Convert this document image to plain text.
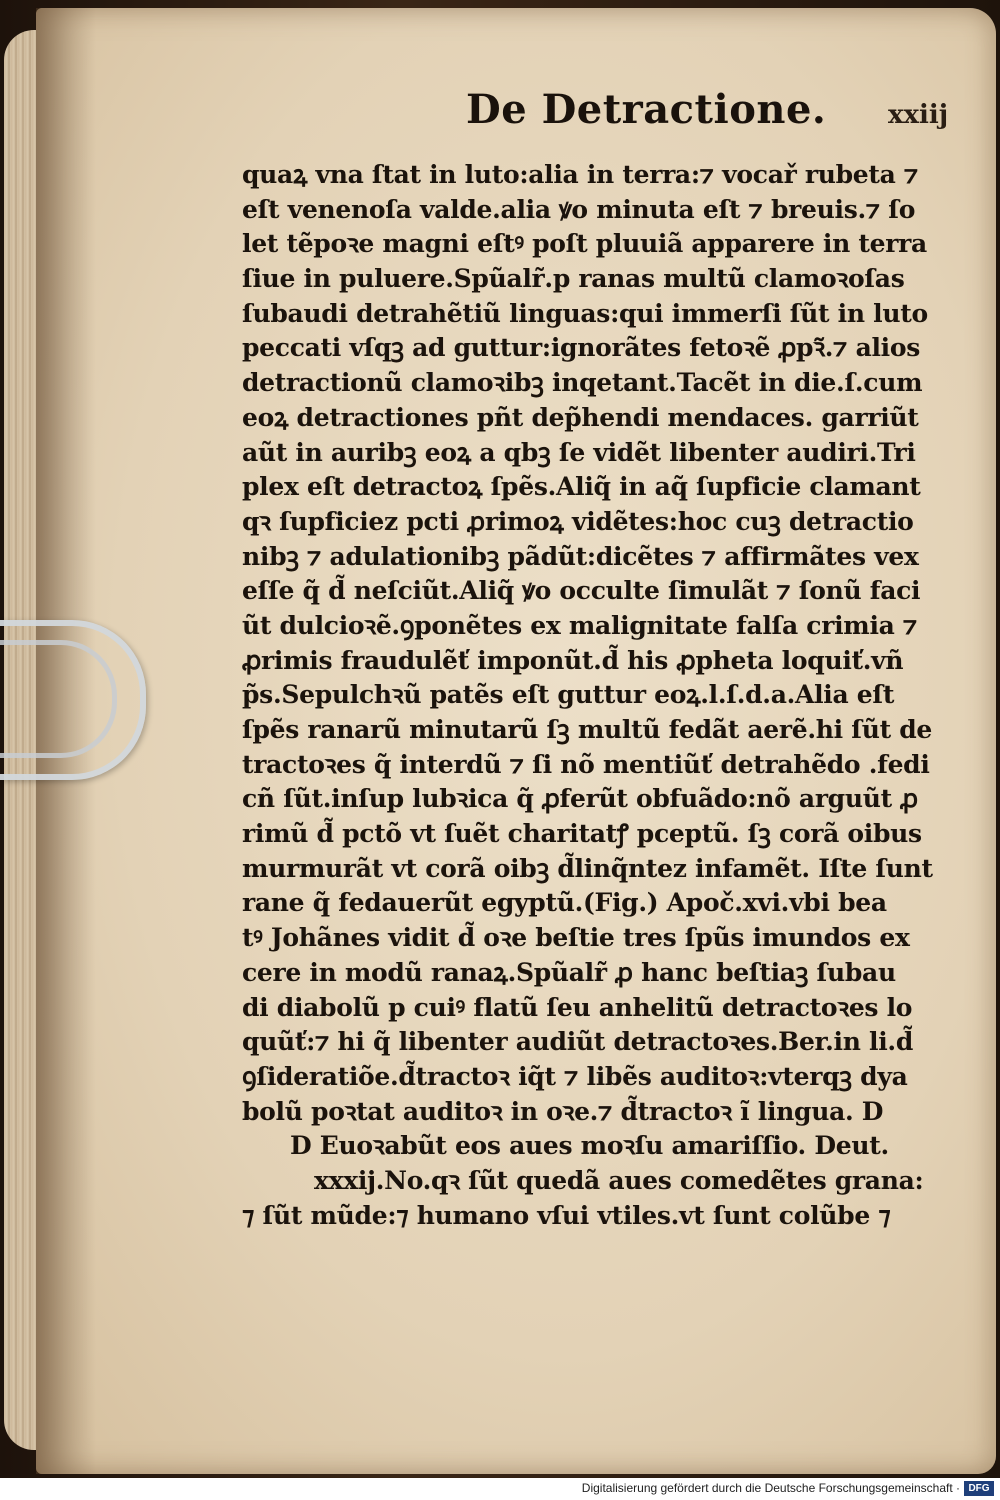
De Detractione. xxiij
quaꝝ vna ſtat in luto:alia in terra:⁊ vocař rubeta ⁊
eſt venenoſa valde.alia ꝟo minuta eſt ⁊ breuis.⁊ ſo
let tẽpoꝛe magni eſtꝰ poſt pluuiã apparere in terra
ſiue in puluere.Spũalr̃.p ranas multũ clamoꝛoſas
ſubaudi detrahẽtiũ linguas:qui immerſi ſũt in luto
peccati vſqꝫ ad guttur:ignorãtes fetoꝛẽ ꝓpꝛ̃.⁊ alios
detractionũ clamoꝛibꝫ inqetant.Tacẽt in die.ſ.cum
eoꝝ detractiones pñt dep̃hendi mendaces. garriũt
aũt in auribꝫ eoꝝ a qbꝫ ſe vidẽt libenter audiri.Tri
plex eſt detractoꝝ ſpẽs.Aliq̃ in aq̃ ſupficie clamant
qꝛ ſupficiez pcti ꝓrimoꝝ vidẽtes:hoc cuꝫ detractio
nibꝫ ⁊ adulationibꝫ pãdũt:dicẽtes ⁊ affirmãtes vex
eſſe q̃ d̃ neſciũt.Aliq̃ ꝟo occulte ſimulãt ⁊ ſonũ faci
ũt dulcioꝛẽ.ꝯponẽtes ex malignitate falſa crimia ⁊
ꝓrimis fraudulẽť imponũt.d̃ his ꝓpheta loquiť.vñ
p̃s.Sepulchꝛũ patẽs eſt guttur eoꝝ.l.ſ.d.a.Alia eſt
ſpẽs ranarũ minutarũ ſꝫ multũ fedãt aerẽ.hi ſũt de
tractoꝛes q̃ interdũ ⁊ ſi nõ mentiũť detrahẽdo .fedi
cñ ſũt.inſup lubꝛica q̃ ꝓferũt obfuãdo:nõ arguũt ꝓ
rimũ d̃ pctõ vt ſuẽt charitatꝭ pceptũ. ſꝫ corã oibus
murmurãt vt corã oibꝫ d̃linq̃ntez infamẽt. Iſte ſunt
rane q̃ fedauerũt egyptũ.(Fig.) Apoč.xvi.vbi bea
tꝰ Johãnes vidit d̃ oꝛe beſtie tres ſpũs imundos ex
cere in modũ ranaꝝ.Spũalr̃ ꝓ hanc beſtiaꝫ ſubau
di diabolũ p cuiꝰ flatũ ſeu anhelitũ detractoꝛes lo
quũť:⁊ hi q̃ libenter audiũt detractoꝛes.Ber.in li.d̃
ꝯſideratiõe.d̃tractoꝛ iq̃t ⁊ libẽs auditoꝛ:vterqꝫ dya
bolũ poꝛtat auditoꝛ in oꝛe.⁊ d̃tractoꝛ ĩ lingua. D
D Euoꝛabũt eos aues moꝛſu amariſſio. Deut.
xxxij.No.qꝛ ſũt quedã aues comedẽtes grana:
⁊ ſũt mũde:⁊ humano vſui vtiles.vt ſunt colũbe ⁊
Digitalisierung gefördert durch die Deutsche Forschungsgemeinschaft · DFG
